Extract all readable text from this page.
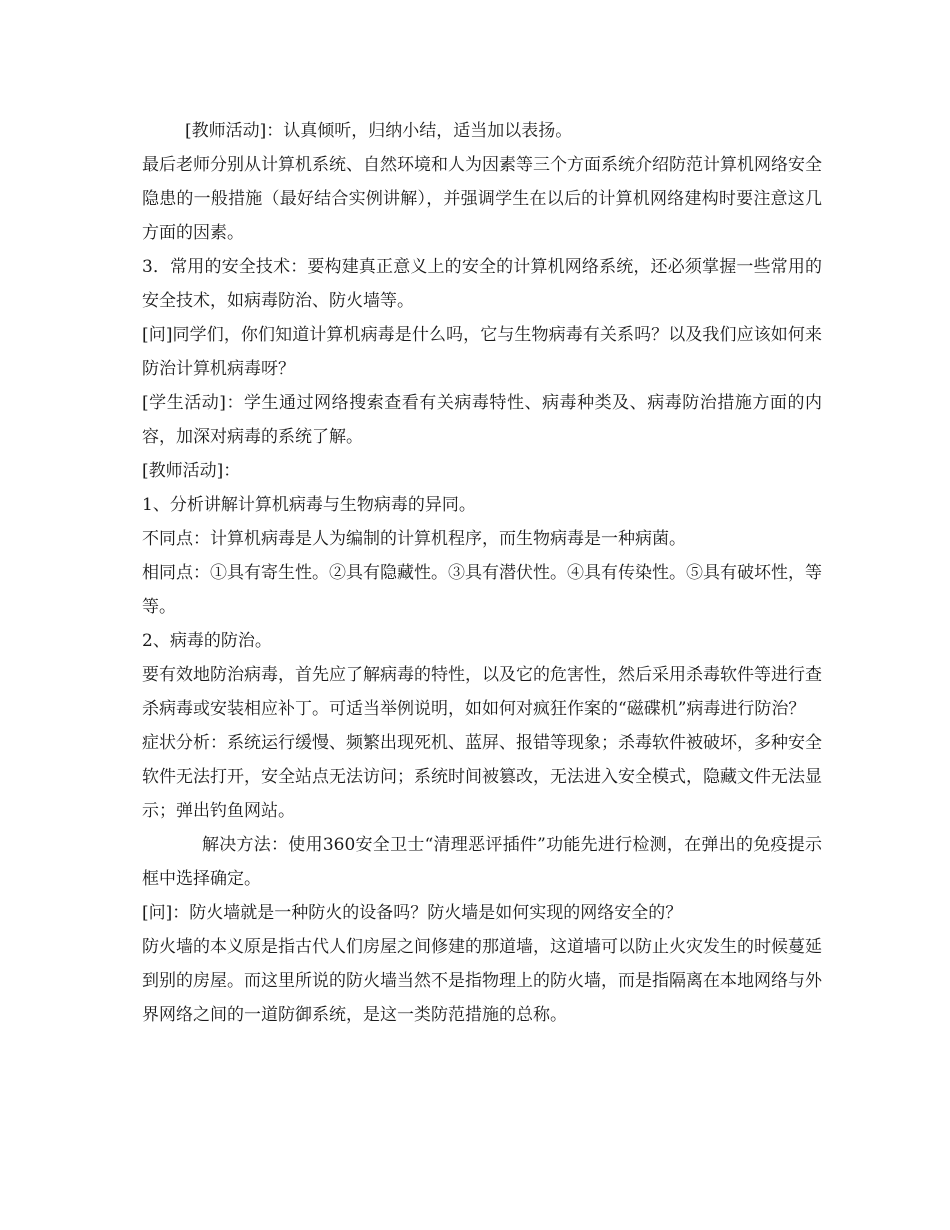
[教师活动]：认真倾听，归纳小结，适当加以表扬。

最后老师分别从计算机系统、自然环境和人为因素等三个方面系统介绍防范计算机网络安全隐患的一般措施（最好结合实例讲解），并强调学生在以后的计算机网络建构时要注意这几方面的因素。

3．常用的安全技术：要构建真正意义上的安全的计算机网络系统，还必须掌握一些常用的安全技术，如病毒防治、防火墙等。

[问]同学们，你们知道计算机病毒是什么吗，它与生物病毒有关系吗？以及我们应该如何来防治计算机病毒呀？

[学生活动]：学生通过网络搜索查看有关病毒特性、病毒种类及、病毒防治措施方面的内容，加深对病毒的系统了解。

[教师活动]：

1、分析讲解计算机病毒与生物病毒的异同。

不同点：计算机病毒是人为编制的计算机程序，而生物病毒是一种病菌。

相同点：①具有寄生性。②具有隐藏性。③具有潜伏性。④具有传染性。⑤具有破坏性，等等。

2、病毒的防治。

要有效地防治病毒，首先应了解病毒的特性，以及它的危害性，然后采用杀毒软件等进行查杀病毒或安装相应补丁。可适当举例说明，如如何对疯狂作案的“磁碟机”病毒进行防治？

症状分析：系统运行缓慢、频繁出现死机、蓝屏、报错等现象；杀毒软件被破坏，多种安全软件无法打开，安全站点无法访问；系统时间被篡改，无法进入安全模式，隐藏文件无法显示；弹出钓鱼网站。

解决方法：使用360安全卫士“清理恶评插件”功能先进行检测，在弹出的免疫提示框中选择确定。

[问]：防火墙就是一种防火的设备吗？防火墙是如何实现的网络安全的？

防火墙的本义原是指古代人们房屋之间修建的那道墙，这道墙可以防止火灾发生的时候蔓延到别的房屋。而这里所说的防火墙当然不是指物理上的防火墙，而是指隔离在本地网络与外界网络之间的一道防御系统，是这一类防范措施的总称。
